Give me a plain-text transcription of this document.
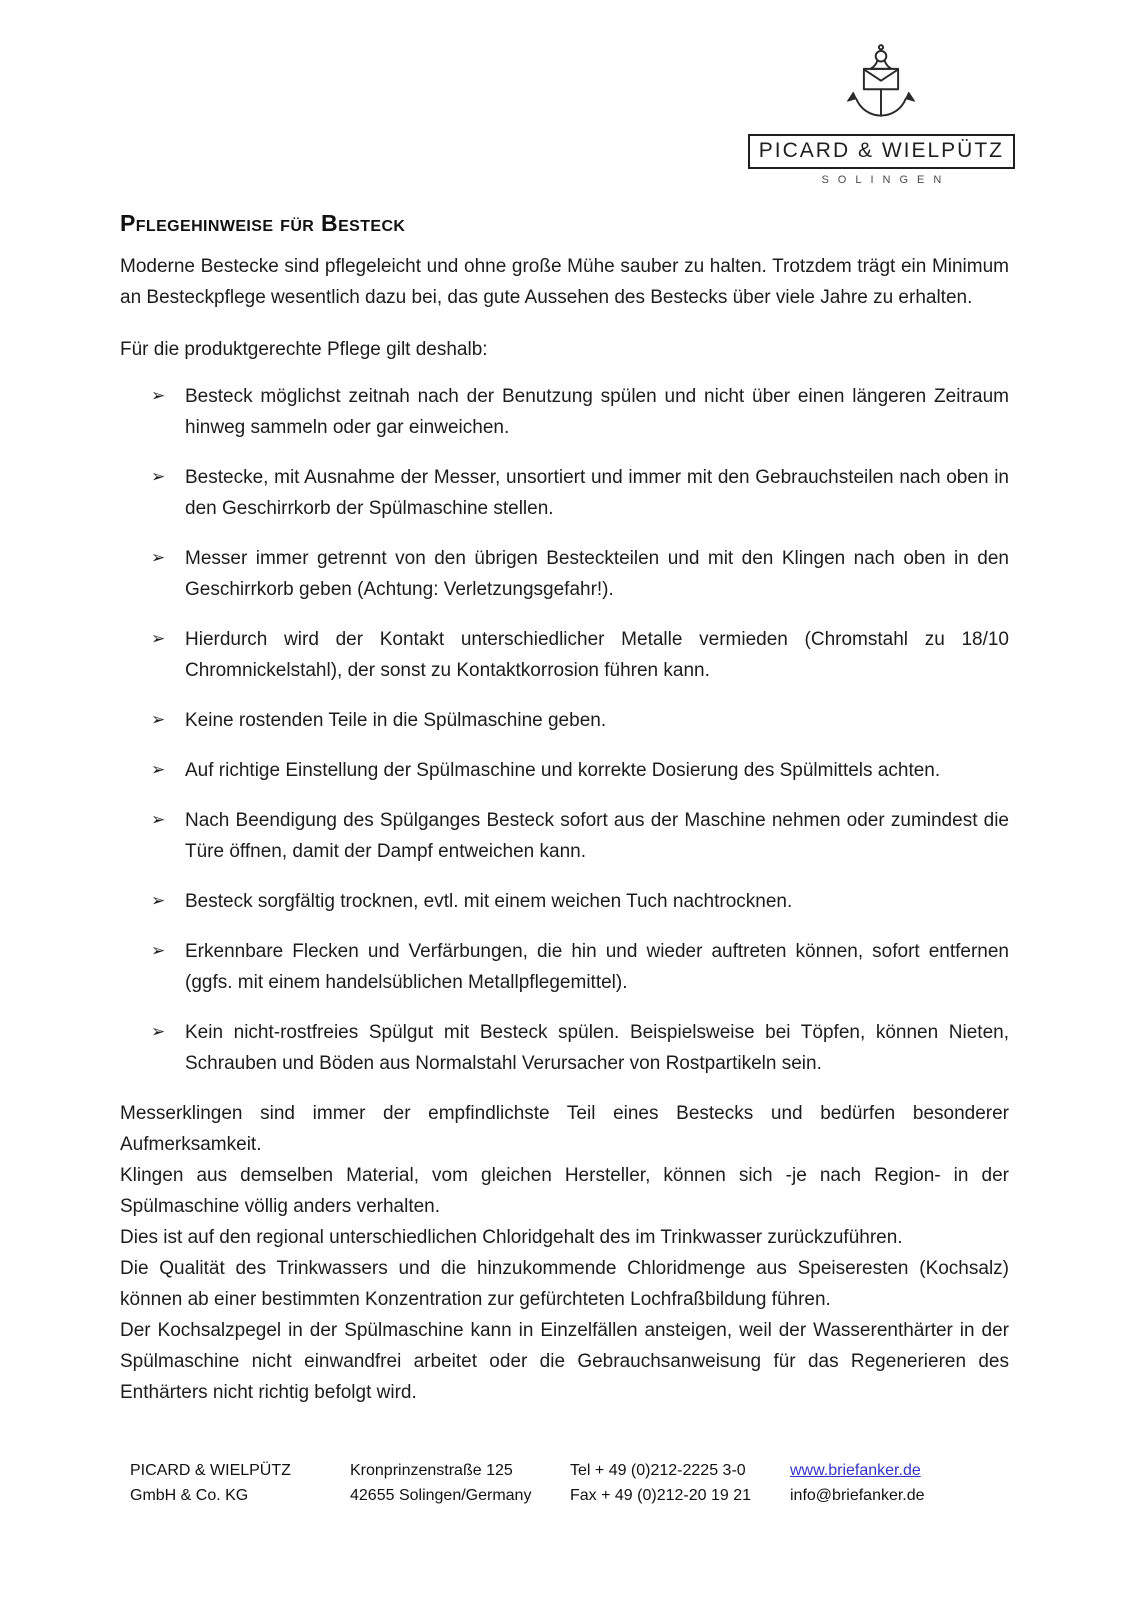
PICARD & WIELPÜTZ
SOLINGEN
Pflegehinweise für Besteck

Moderne Bestecke sind pflegeleicht und ohne große Mühe sauber zu halten. Trotzdem trägt ein Minimum an Besteckpflege wesentlich dazu bei, das gute Aussehen des Bestecks über viele Jahre zu erhalten.

Für die produktgerechte Pflege gilt deshalb:

➢ Besteck möglichst zeitnah nach der Benutzung spülen und nicht über einen längeren Zeitraum hinweg sammeln oder gar einweichen.
➢ Bestecke, mit Ausnahme der Messer, unsortiert und immer mit den Gebrauchsteilen nach oben in den Geschirrkorb der Spülmaschine stellen.
➢ Messer immer getrennt von den übrigen Besteckteilen und mit den Klingen nach oben in den Geschirrkorb geben (Achtung: Verletzungsgefahr!).
➢ Hierdurch wird der Kontakt unterschiedlicher Metalle vermieden (Chromstahl zu 18/10 Chromnickelstahl), der sonst zu Kontaktkorrosion führen kann.
➢ Keine rostenden Teile in die Spülmaschine geben.
➢ Auf richtige Einstellung der Spülmaschine und korrekte Dosierung des Spülmittels achten.
➢ Nach Beendigung des Spülganges Besteck sofort aus der Maschine nehmen oder zumindest die Türe öffnen, damit der Dampf entweichen kann.
➢ Besteck sorgfältig trocknen, evtl. mit einem weichen Tuch nachtrocknen.
➢ Erkennbare Flecken und Verfärbungen, die hin und wieder auftreten können, sofort entfernen (ggfs. mit einem handelsüblichen Metallpflegemittel).
➢ Kein nicht-rostfreies Spülgut mit Besteck spülen. Beispielsweise bei Töpfen, können Nieten, Schrauben und Böden aus Normalstahl Verursacher von Rostpartikeln sein.

Messerklingen sind immer der empfindlichste Teil eines Bestecks und bedürfen besonderer Aufmerksamkeit.

Klingen aus demselben Material, vom gleichen Hersteller, können sich -je nach Region- in der Spülmaschine völlig anders verhalten.

Dies ist auf den regional unterschiedlichen Chloridgehalt des im Trinkwasser zurückzuführen.

Die Qualität des Trinkwassers und die hinzukommende Chloridmenge aus Speiseresten (Kochsalz) können ab einer bestimmten Konzentration zur gefürchteten Lochfraßbildung führen.

Der Kochsalzpegel in der Spülmaschine kann in Einzelfällen ansteigen, weil der Wasserenthärter in der Spülmaschine nicht einwandfrei arbeitet oder die Gebrauchsanweisung für das Regenerieren des Enthärters nicht richtig befolgt wird.

PICARD & WIELPÜTZ
GmbH & Co. KG
Kronprinzenstraße 125
42655 Solingen/Germany
Tel + 49 (0)212-2225 3-0
Fax + 49 (0)212-20 19 21
www.briefanker.de
info@briefanker.de
